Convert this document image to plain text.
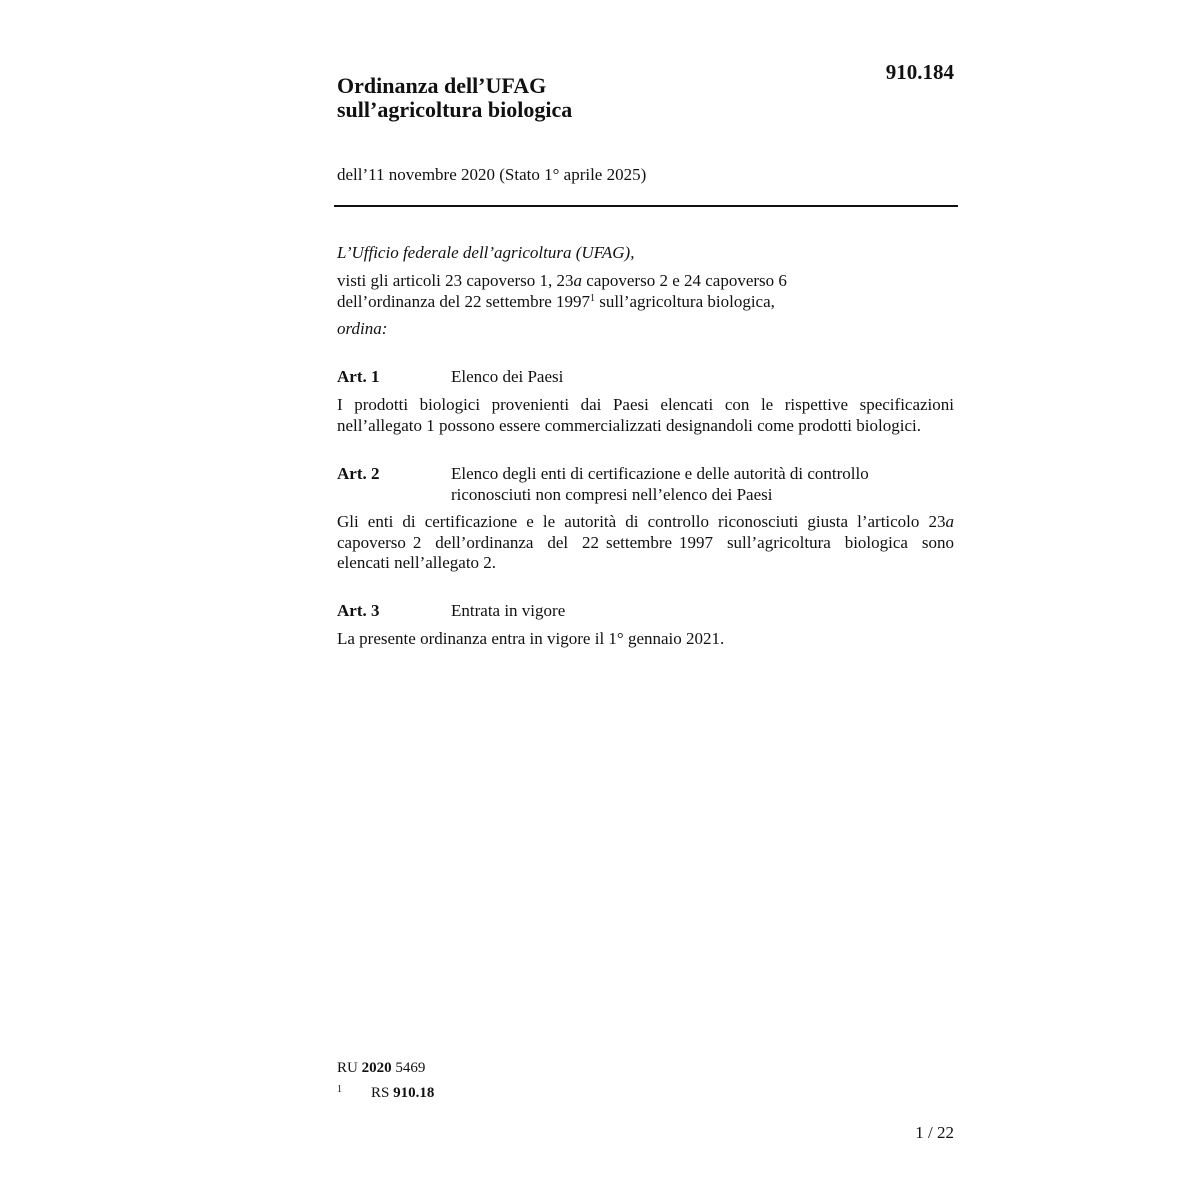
910.184
Ordinanza dell’UFAG
sull’agricoltura biologica
dell’11 novembre 2020 (Stato 1° aprile 2025)
L’Ufficio federale dell’agricoltura (UFAG),
visti gli articoli 23 capoverso 1, 23a capoverso 2 e 24 capoverso 6
dell’ordinanza del 22 settembre 1997$^1$ sull’agricoltura biologica,
ordina:
Art. 1	Elenco dei Paesi
I prodotti biologici provenienti dai Paesi elencati con le rispettive specificazioni
nell’allegato 1 possono essere commercializzati designandoli come prodotti biologici.
Art. 2	Elenco degli enti di certificazione e delle autorità di controllo
riconosciuti non compresi nell’elenco dei Paesi
Gli enti di certificazione e le autorità di controllo riconosciuti giusta l’articolo 23a
capoverso 2  dell’ordinanza  del  22 settembre 1997  sull’agricoltura  biologica  sono
elencati nell’allegato 2.
Art. 3	Entrata in vigore
La presente ordinanza entra in vigore il 1° gennaio 2021.
RU 2020 5469
1 RS 910.18
1 / 22
